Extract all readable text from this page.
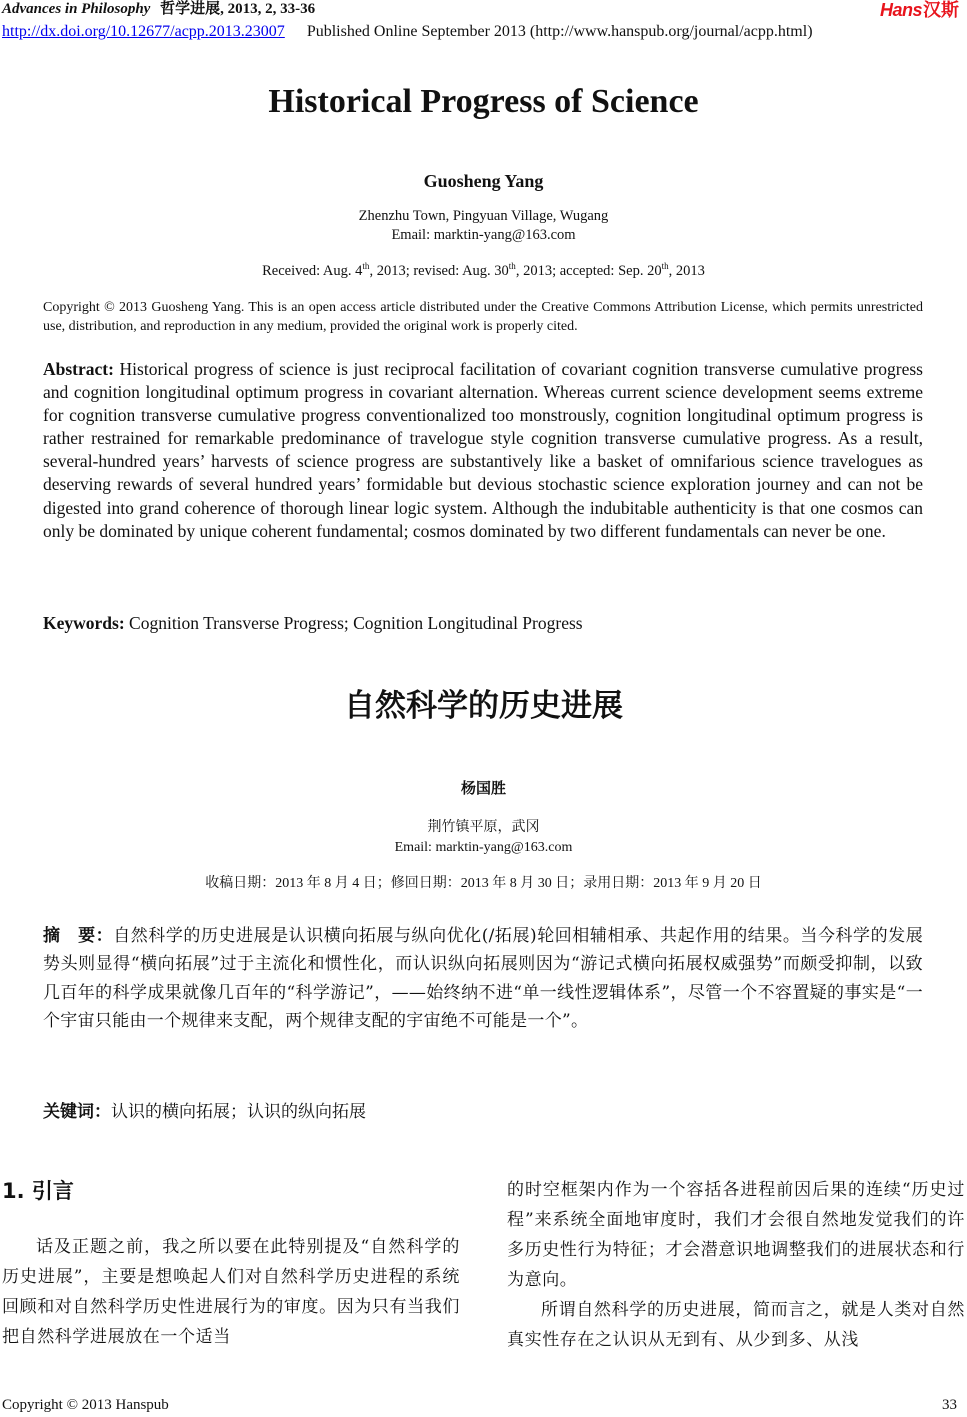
Advances in Philosophy 哲学进展, 2013, 2, 33-36	Hans汉斯
http://dx.doi.org/10.12677/acpp.2013.23007 Published Online September 2013 (http://www.hanspub.org/journal/acpp.html)
Historical Progress of Science
Guosheng Yang
Zhenzhu Town, Pingyuan Village, Wugang
Email: marktin-yang@163.com
Received: Aug. 4th, 2013; revised: Aug. 30th, 2013; accepted: Sep. 20th, 2013
Copyright © 2013 Guosheng Yang. This is an open access article distributed under the Creative Commons Attribution License, which permits unrestricted use, distribution, and reproduction in any medium, provided the original work is properly cited.
Abstract: Historical progress of science is just reciprocal facilitation of covariant cognition transverse cumulative progress and cognition longitudinal optimum progress in covariant alternation. Whereas current science development seems extreme for cognition transverse cumulative progress conventionalized too monstrously, cognition longitudinal optimum progress is rather restrained for remarkable predominance of travelogue style cognition transverse cumulative progress. As a result, several-hundred years’ harvests of science progress are substantively like a basket of omnifarious science travelogues as deserving rewards of several hundred years’ formidable but devious stochastic science exploration journey and can not be digested into grand coherence of thorough linear logic system. Although the indubitable authenticity is that one cosmos can only be dominated by unique coherent fundamental; cosmos dominated by two different fundamentals can never be one.
Keywords: Cognition Transverse Progress; Cognition Longitudinal Progress
自然科学的历史进展
杨国胜
荆竹镇平原，武冈
Email: marktin-yang@163.com
收稿日期：2013 年 8 月 4 日；修回日期：2013 年 8 月 30 日；录用日期：2013 年 9 月 20 日
摘　要：自然科学的历史进展是认识横向拓展与纵向优化(/拓展)轮回相辅相承、共起作用的结果。当今科学的发展势头则显得“横向拓展”过于主流化和惯性化，而认识纵向拓展则因为“游记式横向拓展权威强势”而颇受抑制，以致几百年的科学成果就像几百年的“科学游记”，——始终纳不进“单一线性逻辑体系”，尽管一个不容置疑的事实是“一个宇宙只能由一个规律来支配，两个规律支配的宇宙绝不可能是一个”。
关键词：认识的横向拓展；认识的纵向拓展
1. 引言

话及正题之前，我之所以要在此特别提及“自然科学的历史进展”，主要是想唤起人们对自然科学历史进程的系统回顾和对自然科学历史性进展行为的审度。因为只有当我们把自然科学进展放在一个适当

的时空框架内作为一个容括各进程前因后果的连续“历史过程”来系统全面地审度时，我们才会很自然地发觉我们的许多历史性行为特征；才会潜意识地调整我们的进展状态和行为意向。

所谓自然科学的历史进展，简而言之，就是人类对自然真实性存在之认识从无到有、从少到多、从浅

Copyright © 2013 Hanspub	33
